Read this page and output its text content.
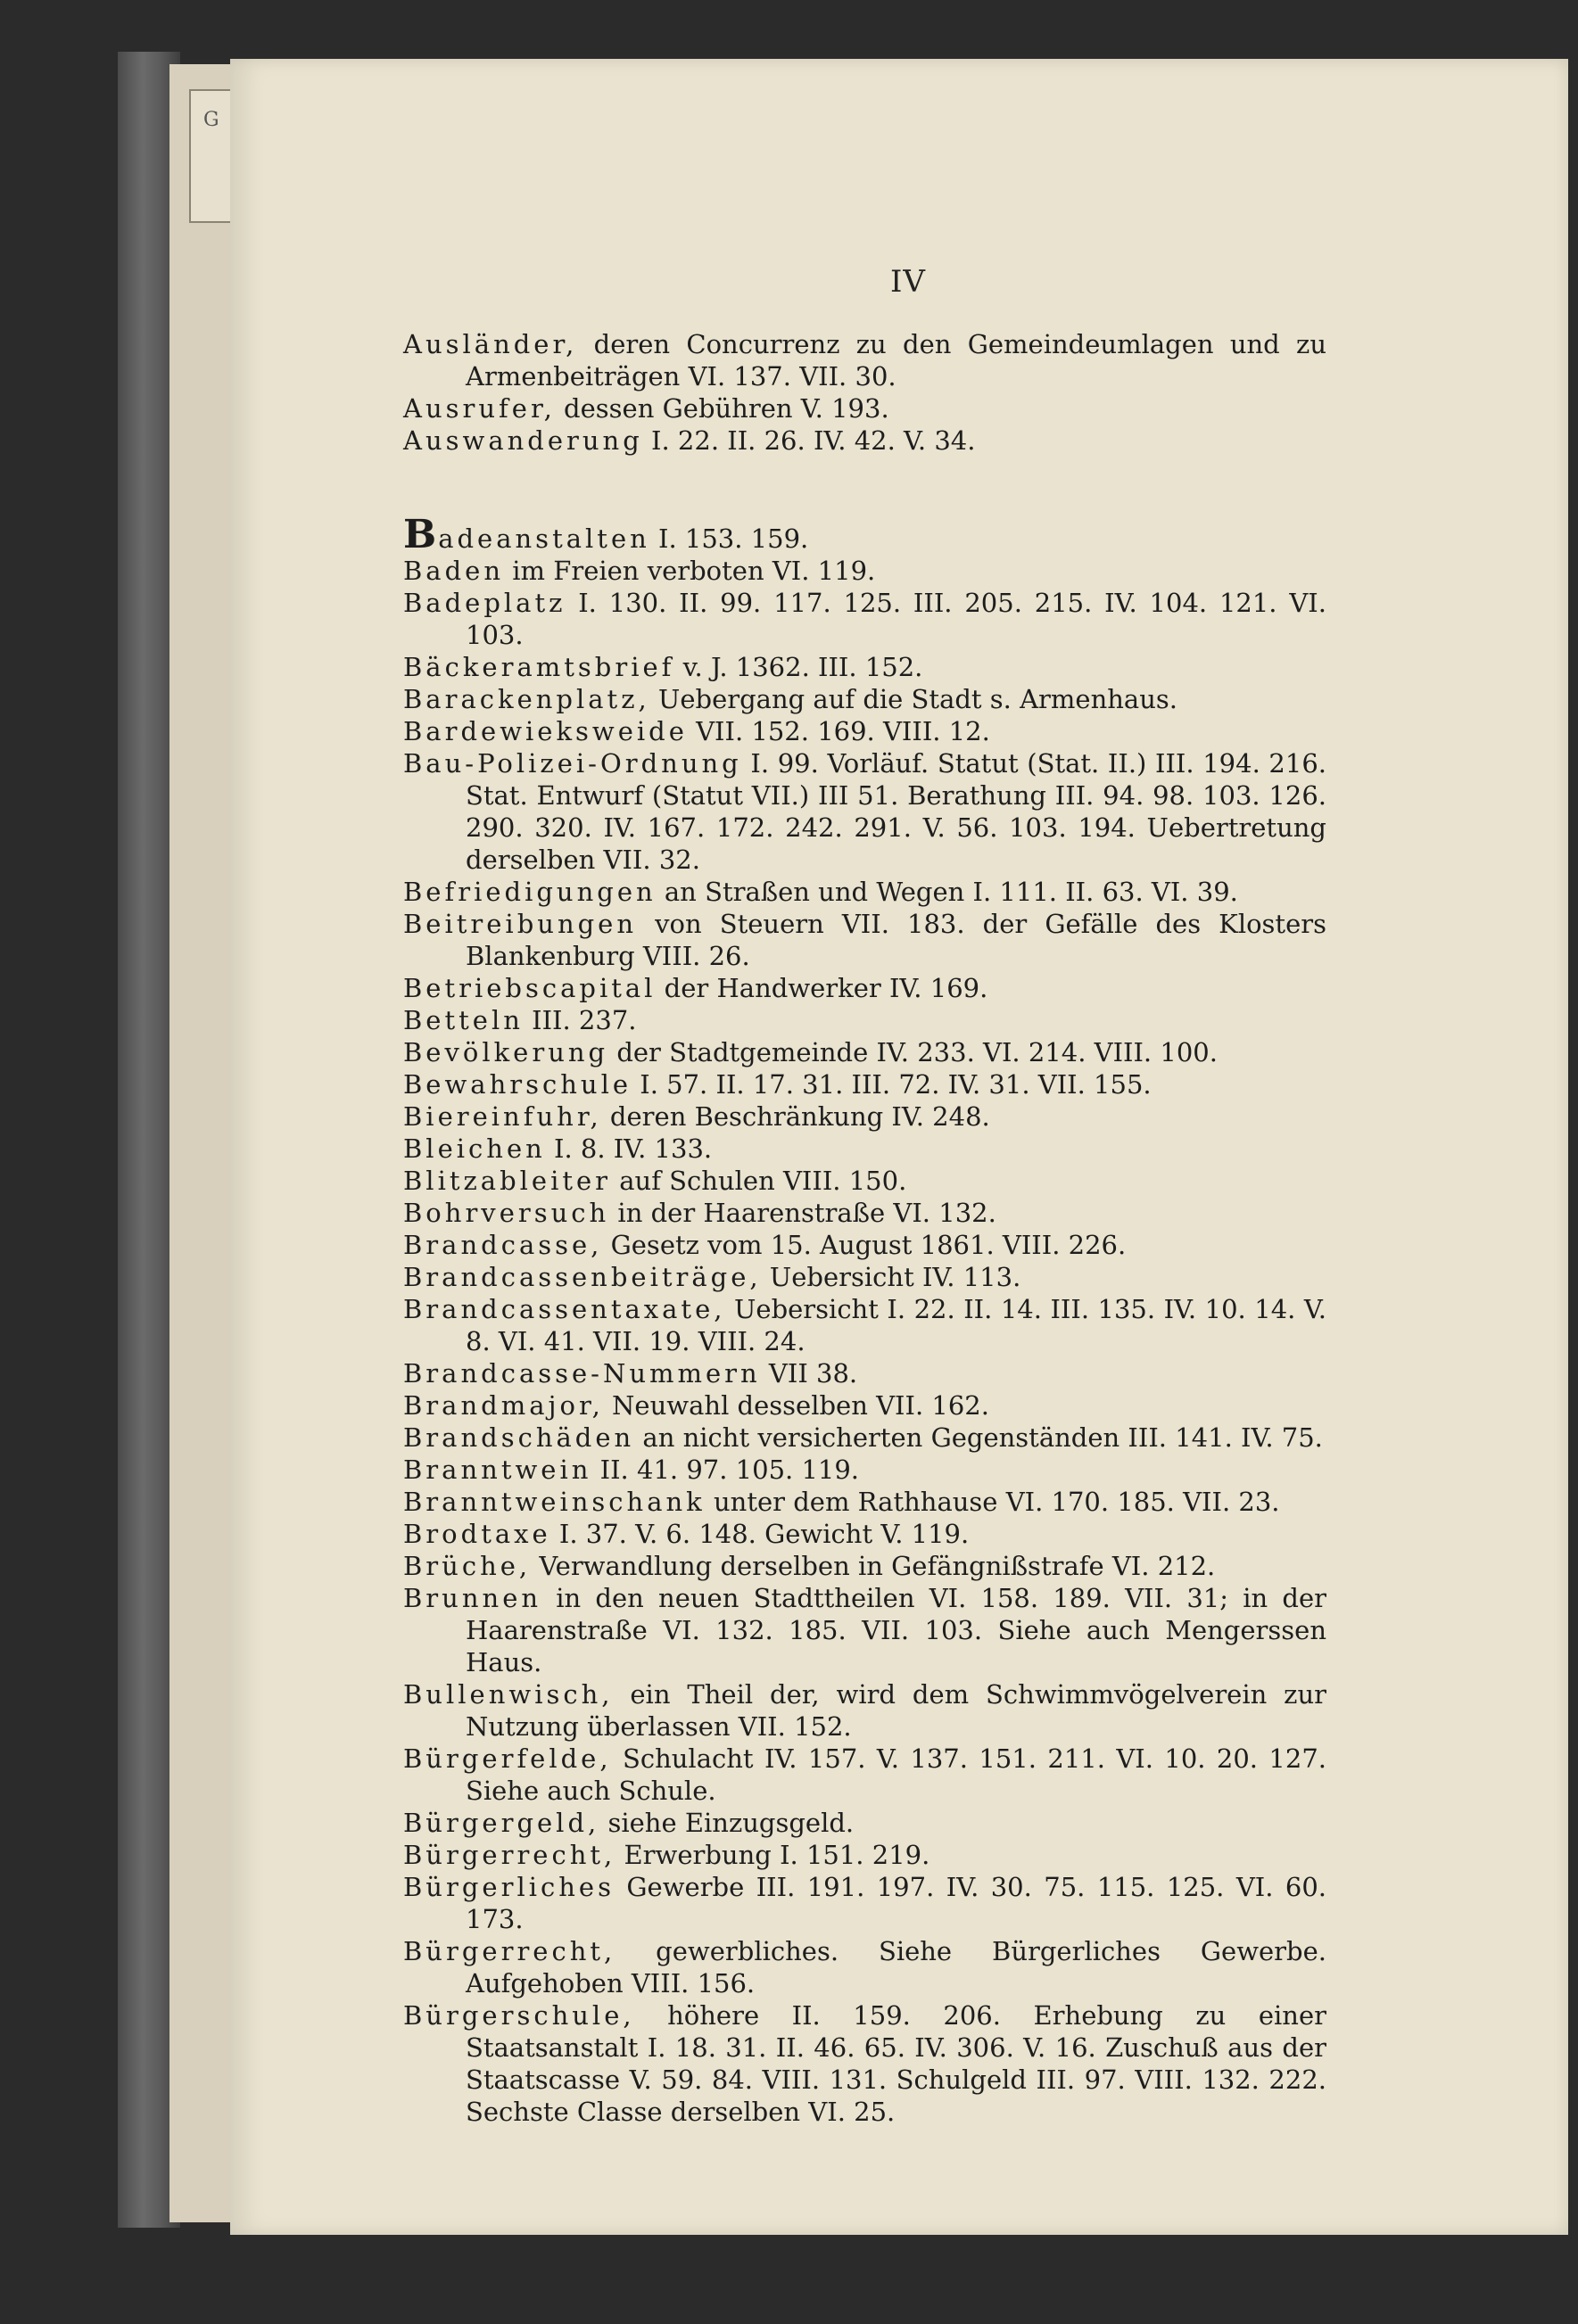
G
IV

Ausländer, deren Concurrenz zu den Gemeindeumlagen und zu Armenbeiträgen VI. 137. VII. 30.

Ausrufer, dessen Gebühren V. 193.

Auswanderung I. 22. II. 26. IV. 42. V. 34.

Badeanstalten I. 153. 159.

Baden im Freien verboten VI. 119.

Badeplatz I. 130. II. 99. 117. 125. III. 205. 215. IV. 104. 121. VI. 103.

Bäckeramtsbrief v. J. 1362. III. 152.

Barackenplatz, Uebergang auf die Stadt s. Armenhaus.

Bardewieksweide VII. 152. 169. VIII. 12.

Bau-Polizei-Ordnung I. 99. Vorläuf. Statut (Stat. II.) III. 194. 216. Stat. Entwurf (Statut VII.) III 51. Berathung III. 94. 98. 103. 126. 290. 320. IV. 167. 172. 242. 291. V. 56. 103. 194. Uebertretung derselben VII. 32.

Befriedigungen an Straßen und Wegen I. 111. II. 63. VI. 39.

Beitreibungen von Steuern VII. 183. der Gefälle des Klosters Blankenburg VIII. 26.

Betriebscapital der Handwerker IV. 169.

Betteln III. 237.

Bevölkerung der Stadtgemeinde IV. 233. VI. 214. VIII. 100.

Bewahrschule I. 57. II. 17. 31. III. 72. IV. 31. VII. 155.

Biereinfuhr, deren Beschränkung IV. 248.

Bleichen I. 8. IV. 133.

Blitzableiter auf Schulen VIII. 150.

Bohrversuch in der Haarenstraße VI. 132.

Brandcasse, Gesetz vom 15. August 1861. VIII. 226.

Brandcassenbeiträge, Uebersicht IV. 113.

Brandcassentaxate, Uebersicht I. 22. II. 14. III. 135. IV. 10. 14. V. 8. VI. 41. VII. 19. VIII. 24.

Brandcasse-Nummern VII 38.

Brandmajor, Neuwahl desselben VII. 162.

Brandschäden an nicht versicherten Gegenständen III. 141. IV. 75.

Branntwein II. 41. 97. 105. 119.

Branntweinschank unter dem Rathhause VI. 170. 185. VII. 23.

Brodtaxe I. 37. V. 6. 148. Gewicht V. 119.

Brüche, Verwandlung derselben in Gefängnißstrafe VI. 212.

Brunnen in den neuen Stadttheilen VI. 158. 189. VII. 31; in der Haarenstraße VI. 132. 185. VII. 103. Siehe auch Mengerssen Haus.

Bullenwisch, ein Theil der, wird dem Schwimmvögelverein zur Nutzung überlassen VII. 152.

Bürgerfelde, Schulacht IV. 157. V. 137. 151. 211. VI. 10. 20. 127. Siehe auch Schule.

Bürgergeld, siehe Einzugsgeld.

Bürgerrecht, Erwerbung I. 151. 219.

Bürgerliches Gewerbe III. 191. 197. IV. 30. 75. 115. 125. VI. 60. 173.

Bürgerrecht, gewerbliches. Siehe Bürgerliches Gewerbe. Aufgehoben VIII. 156.

Bürgerschule, höhere II. 159. 206. Erhebung zu einer Staatsanstalt I. 18. 31. II. 46. 65. IV. 306. V. 16. Zuschuß aus der Staatscasse V. 59. 84. VIII. 131. Schulgeld III. 97. VIII. 132. 222. Sechste Classe derselben VI. 25.
